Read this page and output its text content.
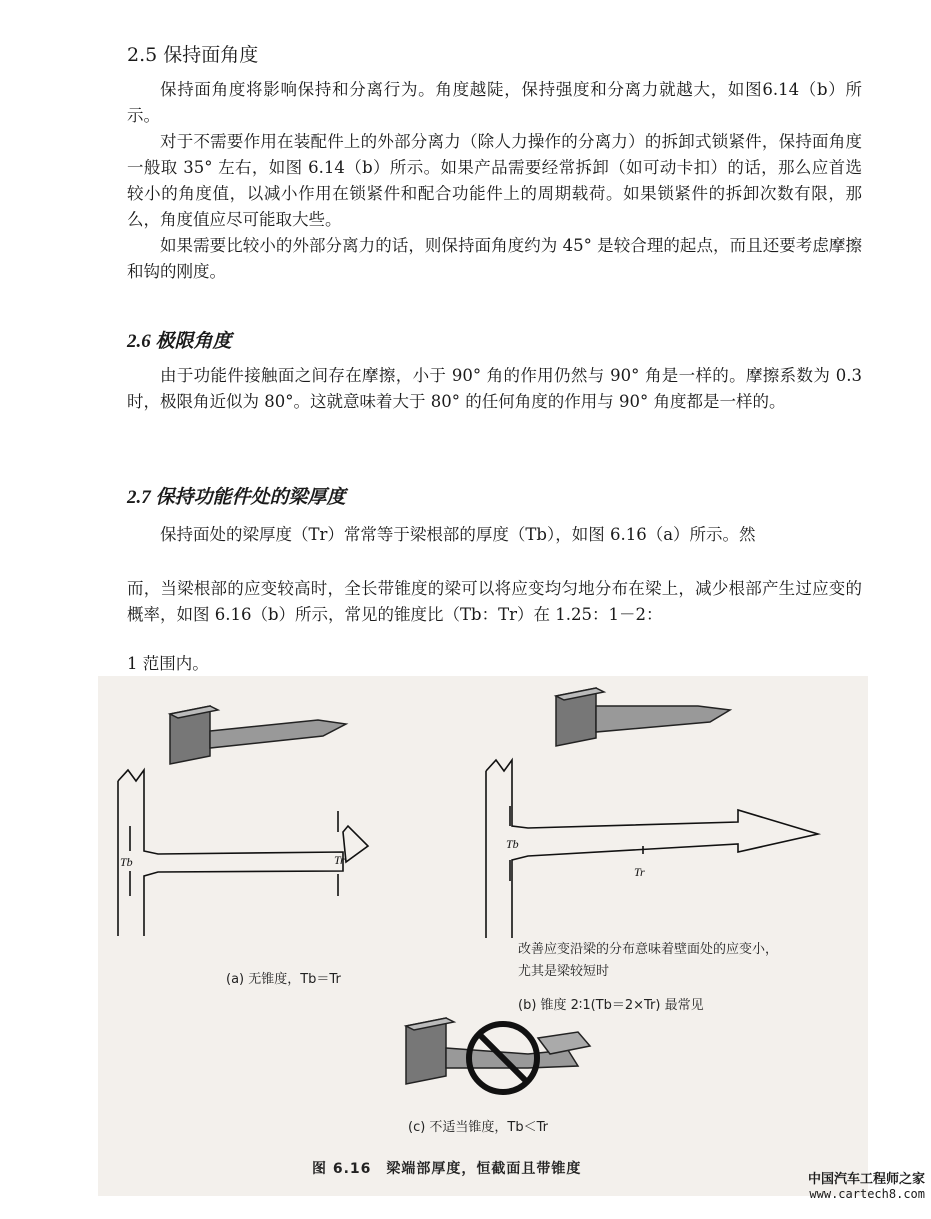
2.5 保持面角度
保持面角度将影响保持和分离行为。角度越陡，保持强度和分离力就越大，如图6.14（b）所示。
对于不需要作用在装配件上的外部分离力（除人力操作的分离力）的拆卸式锁紧件，保持面角度一般取 35° 左右，如图 6.14（b）所示。如果产品需要经常拆卸（如可动卡扣）的话，那么应首选较小的角度值，以减小作用在锁紧件和配合功能件上的周期载荷。如果锁紧件的拆卸次数有限，那么，角度值应尽可能取大些。
如果需要比较小的外部分离力的话，则保持面角度约为 45° 是较合理的起点，而且还要考虑摩擦和钩的刚度。
2.6 极限角度
由于功能件接触面之间存在摩擦，小于 90° 角的作用仍然与 90° 角是一样的。摩擦系数为 0.3 时，极限角近似为 80°。这就意味着大于 80° 的任何角度的作用与 90° 角度都是一样的。
2.7 保持功能件处的梁厚度
保持面处的梁厚度（Tr）常常等于梁根部的厚度（Tb），如图 6.16（a）所示。然
而，当梁根部的应变较高时，全长带锥度的梁可以将应变均匀地分布在梁上，减少根部产生过应变的概率，如图 6.16（b）所示，常见的锥度比（Tb：Tr）在 1.25：1－2：
1 范围内。
Tb	Tr
Tb
Tr
(a) 无锥度，Tb＝Tr
改善应变沿梁的分布意味着壁面处的应变小，
尤其是梁较短时
(b) 锥度 2∶1(Tb＝2×Tr) 最常见
(c) 不适当锥度，Tb＜Tr
图 6.16　梁端部厚度，恒截面且带锥度
中国汽车工程师之家
www.cartech8.com
